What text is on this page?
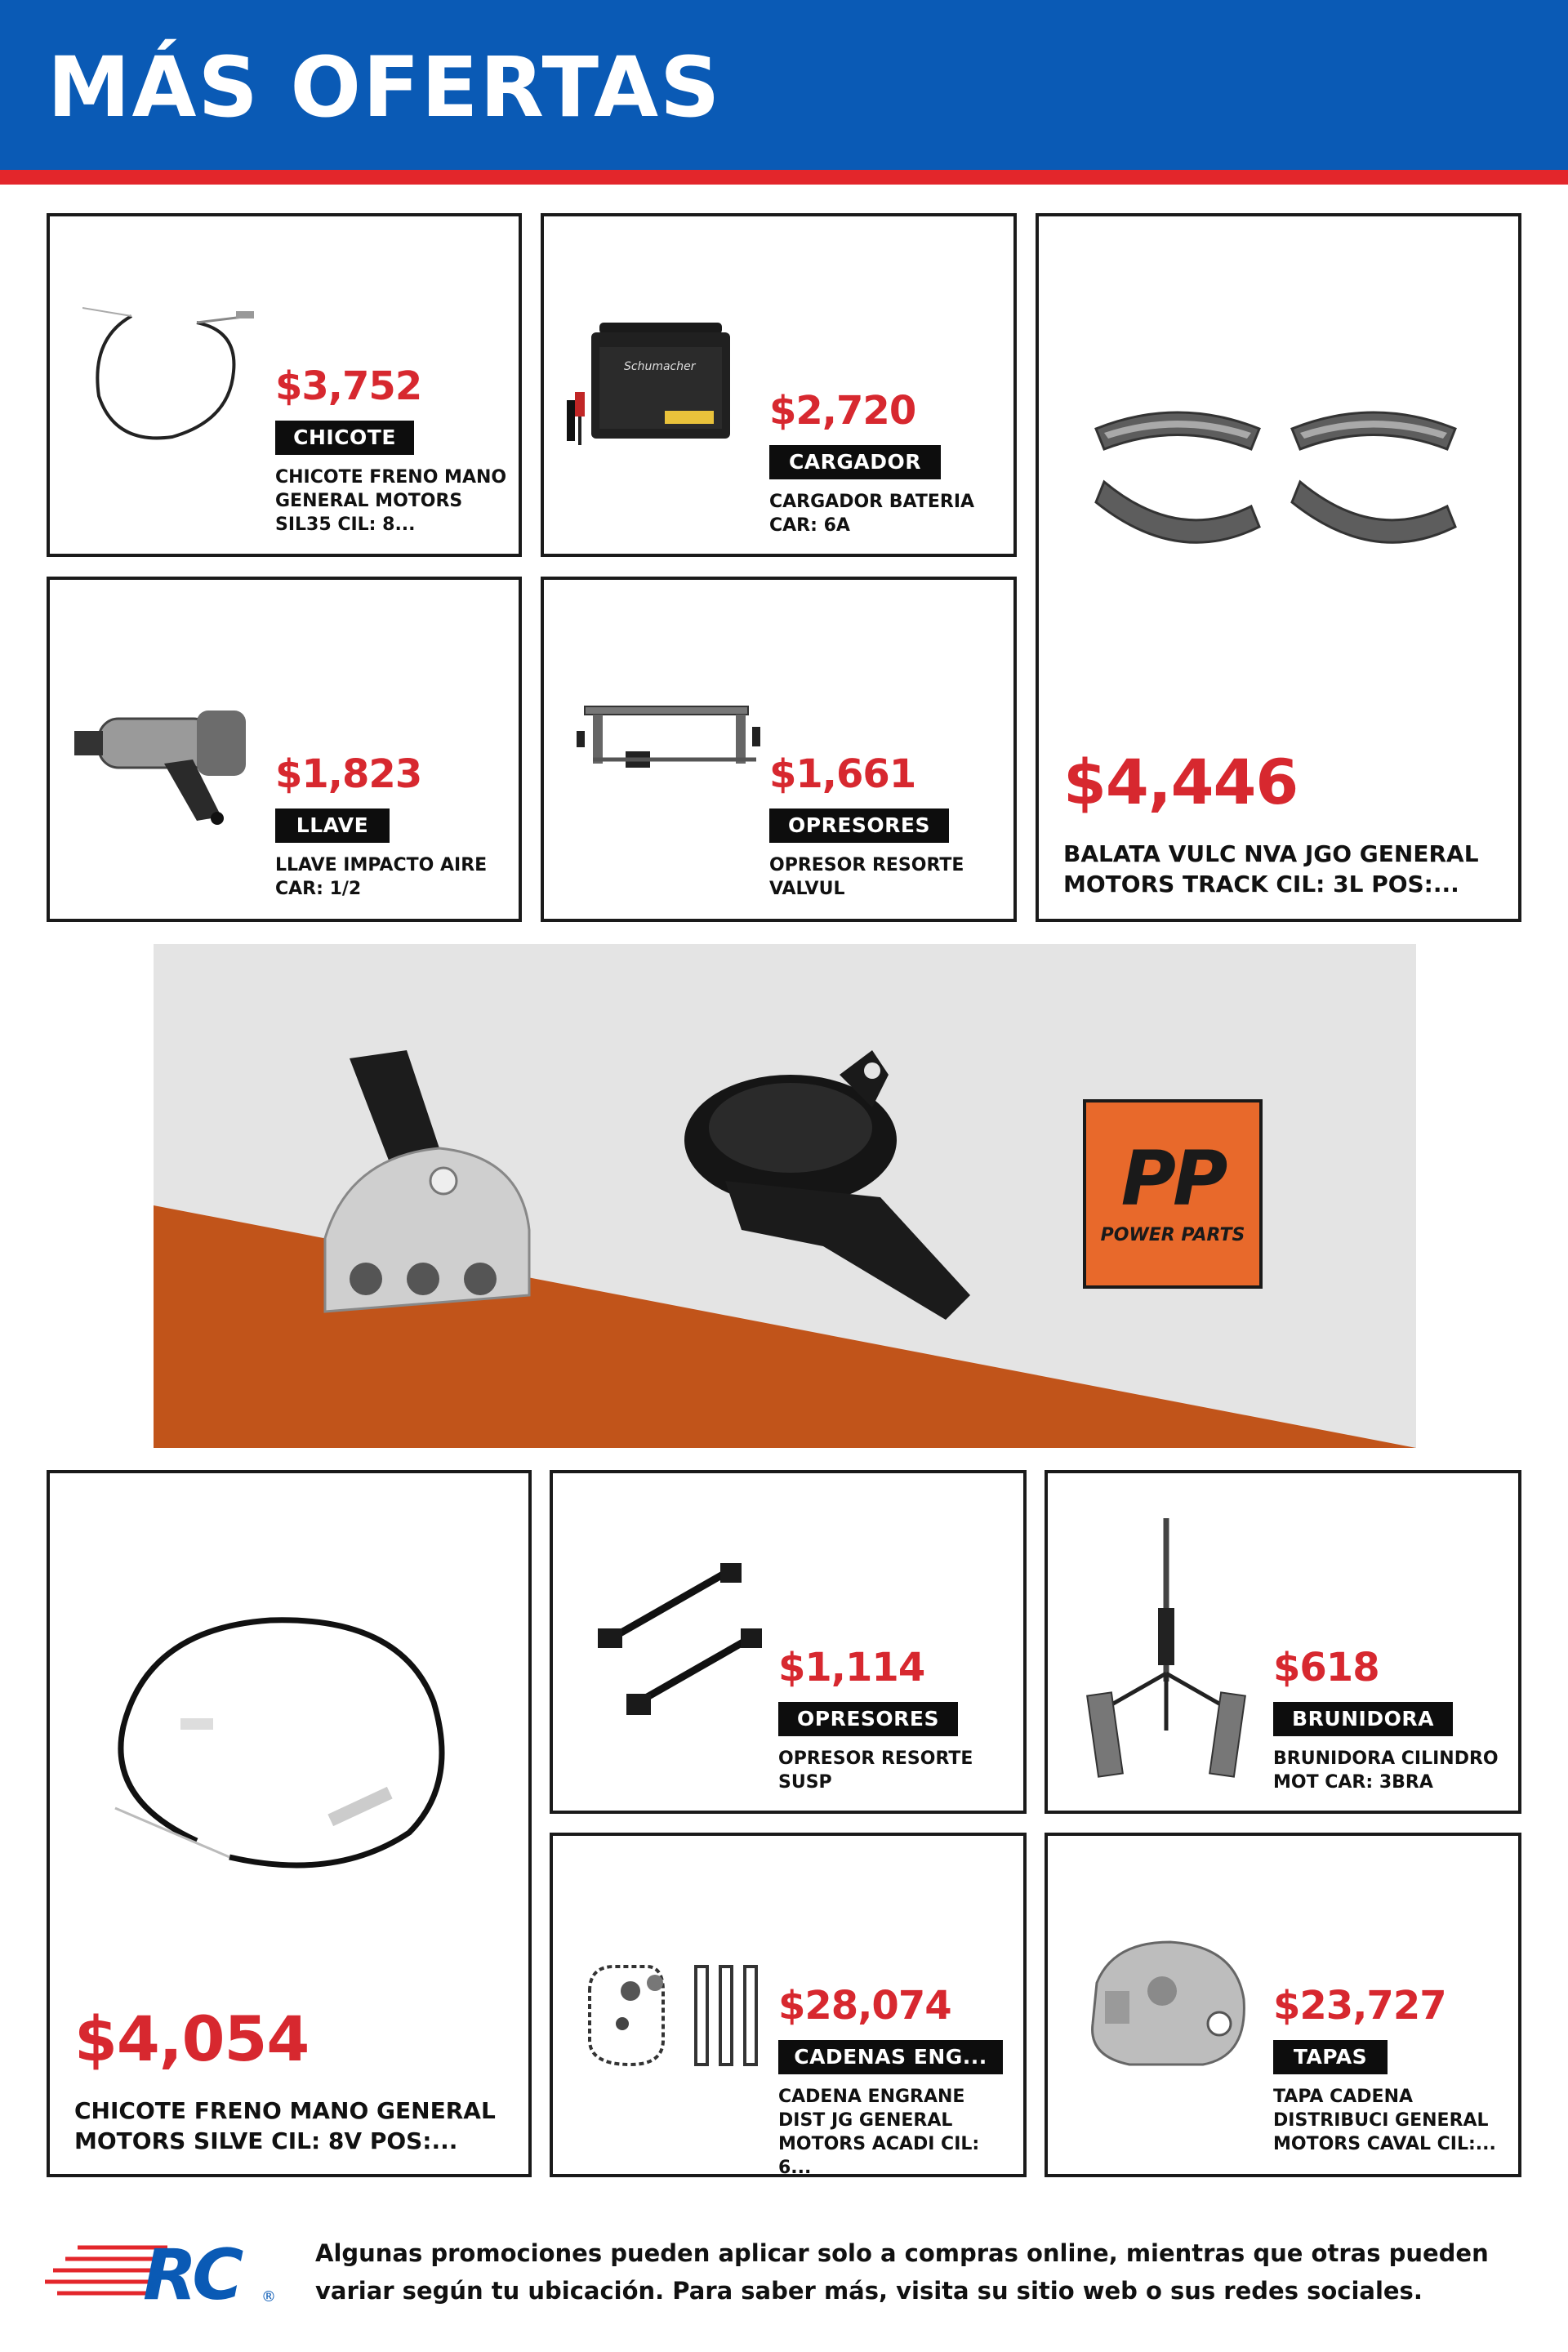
MÁS OFERTAS
$3,752
CHICOTE
CHICOTE FRENO MANO GENERAL MOTORS SIL35 CIL: 8...
Schumacher
$2,720
CARGADOR
CARGADOR BATERIA CAR: 6A
$4,446
BALATA VULC NVA JGO GENERAL MOTORS TRACK CIL: 3L POS:...
$1,823
LLAVE
LLAVE IMPACTO AIRE CAR: 1/2
$1,661
OPRESORES
OPRESOR RESORTE VALVUL
PP
POWER PARTS
$4,054
CHICOTE FRENO MANO GENERAL MOTORS SILVE CIL: 8V POS:...
$1,114
OPRESORES
OPRESOR RESORTE SUSP
$618
BRUNIDORA
BRUNIDORA CILINDRO MOT CAR: 3BRA
$28,074
CADENAS ENG...
CADENA ENGRANE DIST JG GENERAL MOTORS ACADI CIL: 6...
$23,727
TAPAS
TAPA CADENA DISTRIBUCI GENERAL MOTORS CAVAL CIL:...
RC ®
Algunas promociones pueden aplicar solo a compras online, mientras que otras pueden variar según tu ubicación. Para saber más, visita su sitio web o sus redes sociales.
